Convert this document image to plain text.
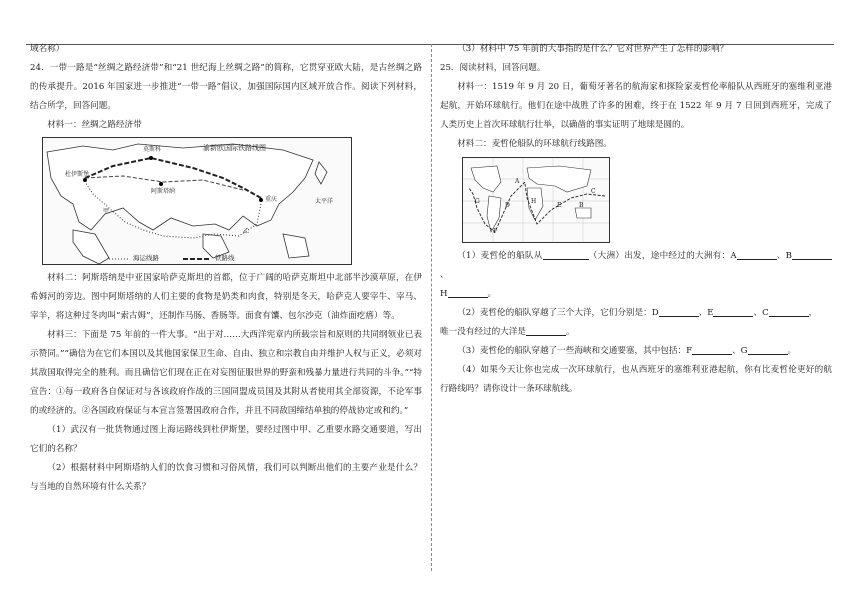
域名称）

24．一带一路是“丝绸之路经济带”和“21 世纪海上丝绸之路”的简称，它贯穿亚欧大陆，是古丝绸之路的传承提升。2016 年国家进一步推进“一带一路”倡议，加强国际国内区域开放合作。阅读下列材料，结合所学，回答问题。

材料一：丝绸之路经济带

渝新欧国际铁路线图
莫斯科
杜伊斯堡
阿斯塔纳
重庆	太平洋
甲
乙
海运线路	铁路线

材料二：阿斯塔纳是中亚国家哈萨克斯坦的首都，位于广阔的哈萨克斯坦中北部半沙漠草原，在伊希姆河的旁边。图中阿斯塔纳的人们主要的食物是奶类和肉食，特别是冬天，哈萨克人要宰牛、宰马、宰羊，将这种过冬肉叫“索古姆”，还制作马肠、香肠等。面食有馕、包尔沙克（油炸面疙瘩）等。

材料三：下面是 75 年前的一件大事。“出于对……大西洋宪章内所载宗旨和原则的共同纲领业已表示赞同。”“确信为在它们本国以及其他国家保卫生命、自由、独立和宗教自由并维护人权与正义，必须对其敌国取得完全的胜利。而且确信它们现在正在对妄图征服世界的野蛮和残暴力量进行共同的斗争。”“特宣告：①每一政府各自保证对与各该政府作战的三国同盟成员国及其附从者使用其全部资源，不论军事的或经济的。②各国政府保证与本宣言签署国政府合作，并且不同敌国缔结单独的停战协定或和约。”

（1）武汉有一批货物通过图上海运路线到杜伊斯堡，要经过图中甲、乙重要水路交通要道，写出它们的名称？

（2）根据材料中阿斯塔纳人们的饮食习惯和习俗风情，我们可以判断出他们的主要产业是什么？与当地的自然环境有什么关系？

（3）材料中 75 年前的大事指的是什么？它对世界产生了怎样的影响？

25．阅读材料，回答问题。

材料一：1519 年 9 月 20 日，葡萄牙著名的航海家和探险家麦哲伦率船队从西班牙的塞维利亚港起航，开始环球航行。他们在途中战胜了许多的困难，终于在 1522 年 9 月 7 日回到西班牙，完成了人类历史上首次环球航行壮举，以确凿的事实证明了地球是圆的。

材料二：麦哲伦船队的环球航行线路图。

A
B
C
D	E
F
G	H

（1）麦哲伦的船队从	（大洲）出发，途中经过的大洲有：A	、B、

H	。

（2）麦哲伦的船队穿越了三个大洋，它们分别是：D	、E	、C	，

唯一没有经过的大洋是	。

（3）麦哲伦的船队穿越了一些海峡和交通要塞，其中包括：F	、G	。

（4）如果今天让你也完成一次环球航行，也从西班牙的塞维利亚港起航，你有比麦哲伦更好的航行路线吗？请你设计一条环球航线。
